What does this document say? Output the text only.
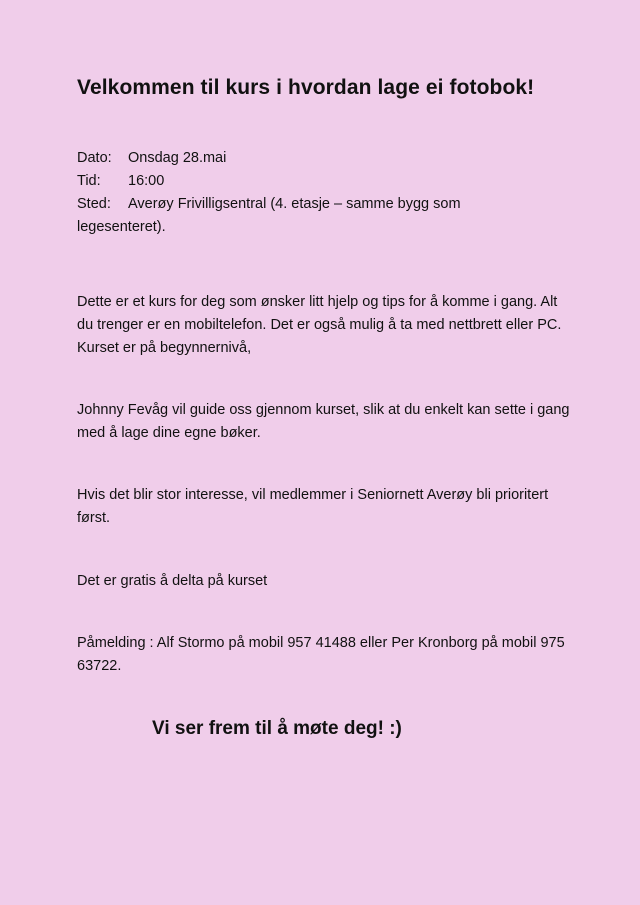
Velkommen til kurs i hvordan lage ei fotobok!
Dato: Onsdag 28.mai
Tid: 16:00
Sted: Averøy Frivilligsentral (4. etasje – samme bygg som
legesenteret).

Dette er et kurs for deg som ønsker litt hjelp og tips for å komme i gang. Alt du trenger er en mobiltelefon. Det er også mulig å ta med nettbrett eller PC. Kurset er på begynnernivå,

Johnny Fevåg vil guide oss gjennom kurset, slik at du enkelt kan sette i gang med å lage dine egne bøker.

Hvis det blir stor interesse, vil medlemmer i Seniornett Averøy bli prioritert først.

Det er gratis å delta på kurset

Påmelding : Alf Stormo på mobil 957 41488 eller Per Kronborg på mobil 975 63722.

Vi ser frem til å møte deg! :)
